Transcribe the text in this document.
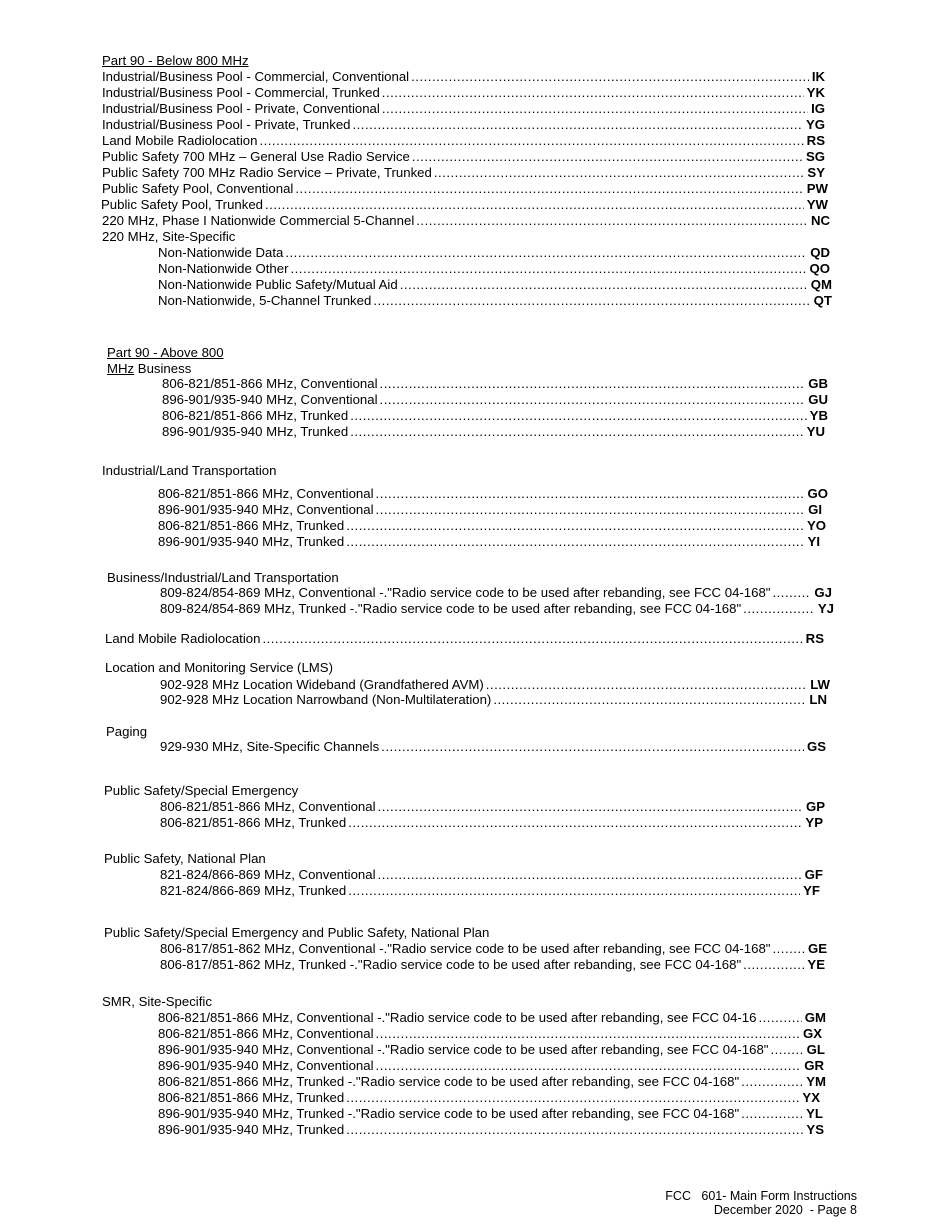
Part 90 - Below 800 MHz
Industrial/Business Pool - Commercial, Conventional .....	IK
Industrial/Business Pool - Commercial, Trunked .....	YK
Industrial/Business Pool - Private, Conventional .....	IG
Industrial/Business Pool - Private, Trunked .....	YG
Land Mobile Radiolocation .....	RS
Public Safety 700 MHz – General Use Radio Service .....	SG
Public Safety 700 MHz Radio Service – Private, Trunked .....	SY
Public Safety Pool, Conventional .....	PW
Public Safety Pool, Trunked .....	YW
220 MHz, Phase I Nationwide Commercial 5-Channel .....	NC
220 MHz, Site-Specific
Non-Nationwide Data .....	QD
Non-Nationwide Other .....	QO
Non-Nationwide Public Safety/Mutual Aid .....	QM
Non-Nationwide, 5-Channel Trunked .....	QT
Part 90 - Above 800
MHz Business
806-821/851-866 MHz, Conventional .....	GB
896-901/935-940 MHz, Conventional .....	GU
806-821/851-866 MHz, Trunked .....	YB
896-901/935-940 MHz, Trunked .....	YU
Industrial/Land Transportation
806-821/851-866 MHz, Conventional .....	GO
896-901/935-940 MHz, Conventional .....	GI
806-821/851-866 MHz, Trunked .....	YO
896-901/935-940 MHz, Trunked .....	YI
Business/Industrial/Land Transportation
809-824/854-869 MHz, Conventional -."Radio service code to be used after rebanding, see FCC 04-168" .....	GJ
809-824/854-869 MHz, Trunked -."Radio service code to be used after rebanding, see FCC 04-168" .....	YJ
Land Mobile Radiolocation .....	RS
Location and Monitoring Service (LMS)
902-928 MHz Location Wideband (Grandfathered AVM) .....	LW
902-928 MHz Location Narrowband (Non-Multilateration) .....	LN
Paging
929-930 MHz, Site-Specific Channels .....	GS
Public Safety/Special Emergency
806-821/851-866 MHz, Conventional .....	GP
806-821/851-866 MHz, Trunked .....	YP
Public Safety, National Plan
821-824/866-869 MHz, Conventional .....	GF
821-824/866-869 MHz, Trunked .....	YF
Public Safety/Special Emergency and Public Safety, National Plan
806-817/851-862 MHz, Conventional -."Radio service code to be used after rebanding, see FCC 04-168" .....	GE
806-817/851-862 MHz, Trunked -."Radio service code to be used after rebanding, see FCC 04-168" .....	YE
SMR, Site-Specific
806-821/851-866 MHz, Conventional -."Radio service code to be used after rebanding, see FCC 04-16 .....	GM
806-821/851-866 MHz, Conventional .....	GX
896-901/935-940 MHz, Conventional -."Radio service code to be used after rebanding, see FCC 04-168" .....	GL
896-901/935-940 MHz, Conventional .....	GR
806-821/851-866 MHz, Trunked -."Radio service code to be used after rebanding, see FCC 04-168" .....	YM
806-821/851-866 MHz, Trunked .....	YX
896-901/935-940 MHz, Trunked -."Radio service code to be used after rebanding, see FCC 04-168" .....	YL
896-901/935-940 MHz, Trunked .....	YS
FCC   601- Main Form Instructions
December 2020  - Page 8
